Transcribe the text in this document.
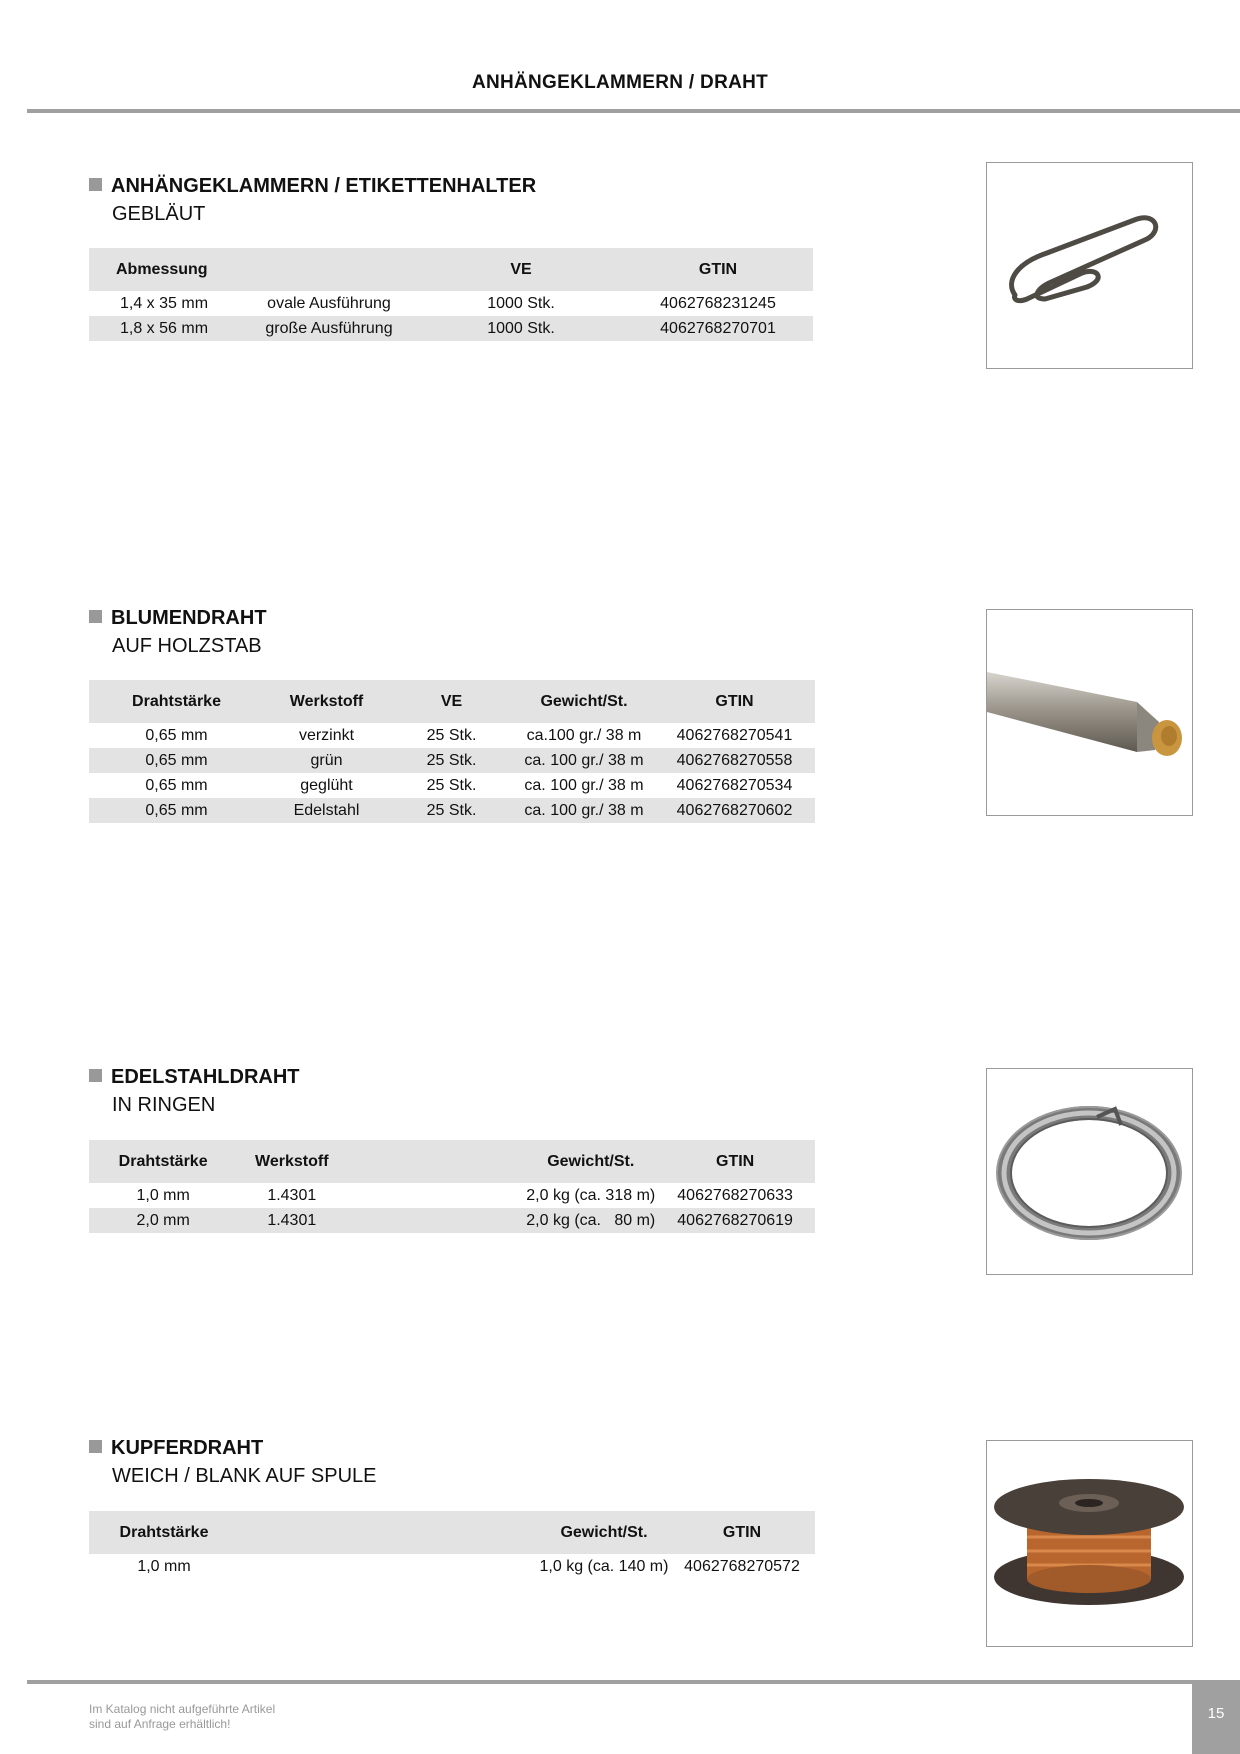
ANHÄNGEKLAMMERN / DRAHT
ANHÄNGEKLAMMERN / ETIKETTENHALTER
GEBLÄUT
Abmessung		VE	GTIN
1,4 x 35 mm	ovale Ausführung	1000 Stk.	4062768231245
1,8 x 56 mm	große Ausführung	1000 Stk.	4062768270701
BLUMENDRAHT
AUF HOLZSTAB
Drahtstärke	Werkstoff	VE	Gewicht/St.	GTIN
0,65 mm	verzinkt	25 Stk.	ca.100 gr./ 38 m	4062768270541
0,65 mm	grün	25 Stk.	ca. 100 gr./ 38 m	4062768270558
0,65 mm	geglüht	25 Stk.	ca. 100 gr./ 38 m	4062768270534
0,65 mm	Edelstahl	25 Stk.	ca. 100 gr./ 38 m	4062768270602
EDELSTAHLDRAHT
IN RINGEN
Drahtstärke	Werkstoff	Gewicht/St.	GTIN
1,0 mm	1.4301	2,0 kg (ca. 318 m)	4062768270633
2,0 mm	1.4301	2,0 kg (ca.   80 m)	4062768270619
KUPFERDRAHT
WEICH / BLANK AUF SPULE
Drahtstärke	Gewicht/St.	GTIN
1,0 mm	1,0 kg (ca. 140 m)	4062768270572
Im Katalog nicht aufgeführte Artikel
sind auf Anfrage erhältlich!
15
